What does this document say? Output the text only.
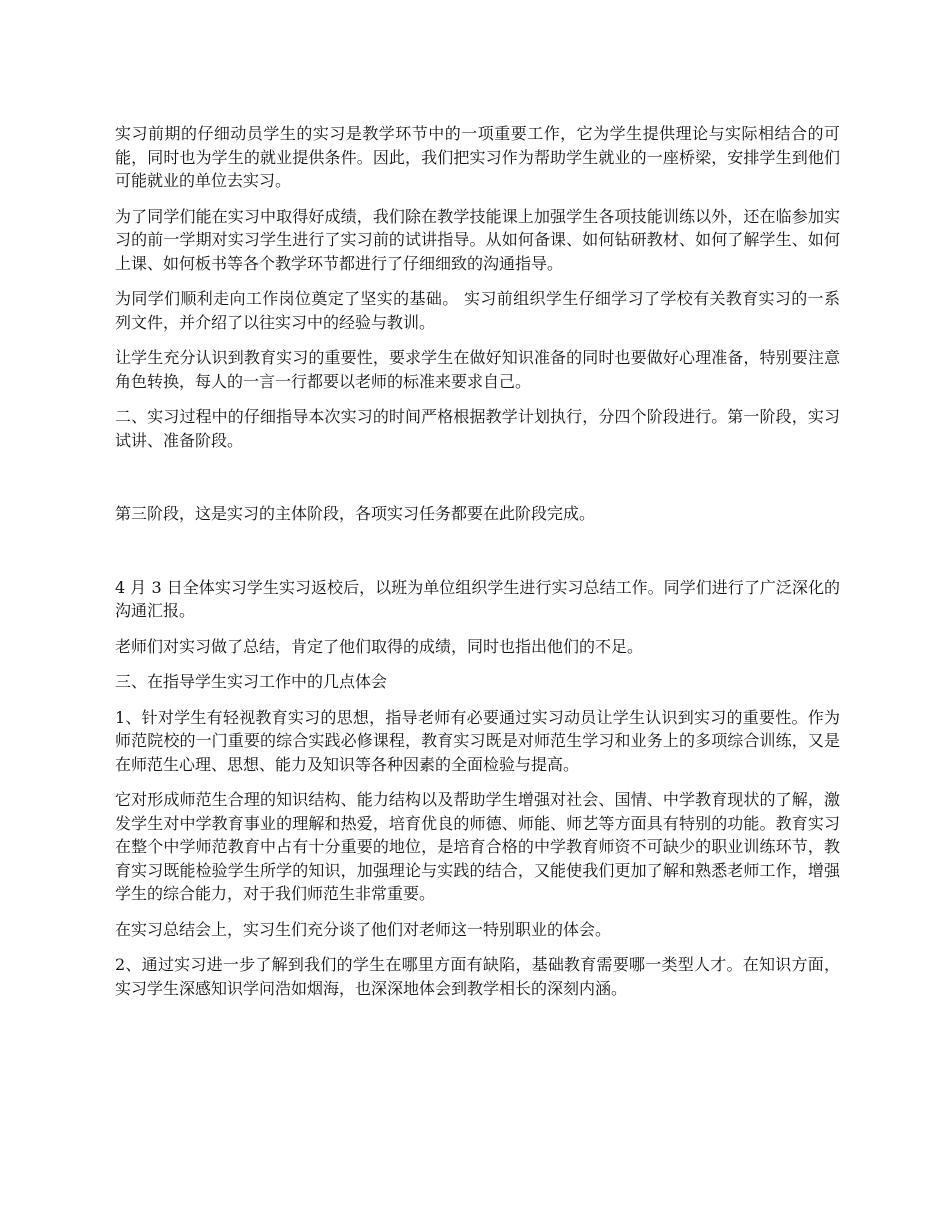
实习前期的仔细动员学生的实习是教学环节中的一项重要工作，它为学生提供理论与实际相结合的可能，同时也为学生的就业提供条件。因此，我们把实习作为帮助学生就业的一座桥梁，安排学生到他们可能就业的单位去实习。

为了同学们能在实习中取得好成绩，我们除在教学技能课上加强学生各项技能训练以外，还在临参加实习的前一学期对实习学生进行了实习前的试讲指导。从如何备课、如何钻研教材、如何了解学生、如何上课、如何板书等各个教学环节都进行了仔细细致的沟通指导。

为同学们顺利走向工作岗位奠定了坚实的基础。 实习前组织学生仔细学习了学校有关教育实习的一系列文件，并介绍了以往实习中的经验与教训。

让学生充分认识到教育实习的重要性，要求学生在做好知识准备的同时也要做好心理准备，特别要注意角色转换，每人的一言一行都要以老师的标准来要求自己。

二、实习过程中的仔细指导本次实习的时间严格根据教学计划执行，分四个阶段进行。第一阶段，实习试讲、准备阶段。

第三阶段，这是实习的主体阶段，各项实习任务都要在此阶段完成。

4 月 3 日全体实习学生实习返校后，以班为单位组织学生进行实习总结工作。同学们进行了广泛深化的沟通汇报。

老师们对实习做了总结，肯定了他们取得的成绩，同时也指出他们的不足。

三、在指导学生实习工作中的几点体会

1、针对学生有轻视教育实习的思想，指导老师有必要通过实习动员让学生认识到实习的重要性。作为师范院校的一门重要的综合实践必修课程，教育实习既是对师范生学习和业务上的多项综合训练，又是在师范生心理、思想、能力及知识等各种因素的全面检验与提高。

它对形成师范生合理的知识结构、能力结构以及帮助学生增强对社会、国情、中学教育现状的了解，激发学生对中学教育事业的理解和热爱，培育优良的师德、师能、师艺等方面具有特别的功能。教育实习在整个中学师范教育中占有十分重要的地位，是培育合格的中学教育师资不可缺少的职业训练环节，教育实习既能检验学生所学的知识，加强理论与实践的结合，又能使我们更加了解和熟悉老师工作，增强学生的综合能力，对于我们师范生非常重要。

在实习总结会上，实习生们充分谈了他们对老师这一特别职业的体会。

2、通过实习进一步了解到我们的学生在哪里方面有缺陷，基础教育需要哪一类型人才。在知识方面，实习学生深感知识学问浩如烟海，也深深地体会到教学相长的深刻内涵。
